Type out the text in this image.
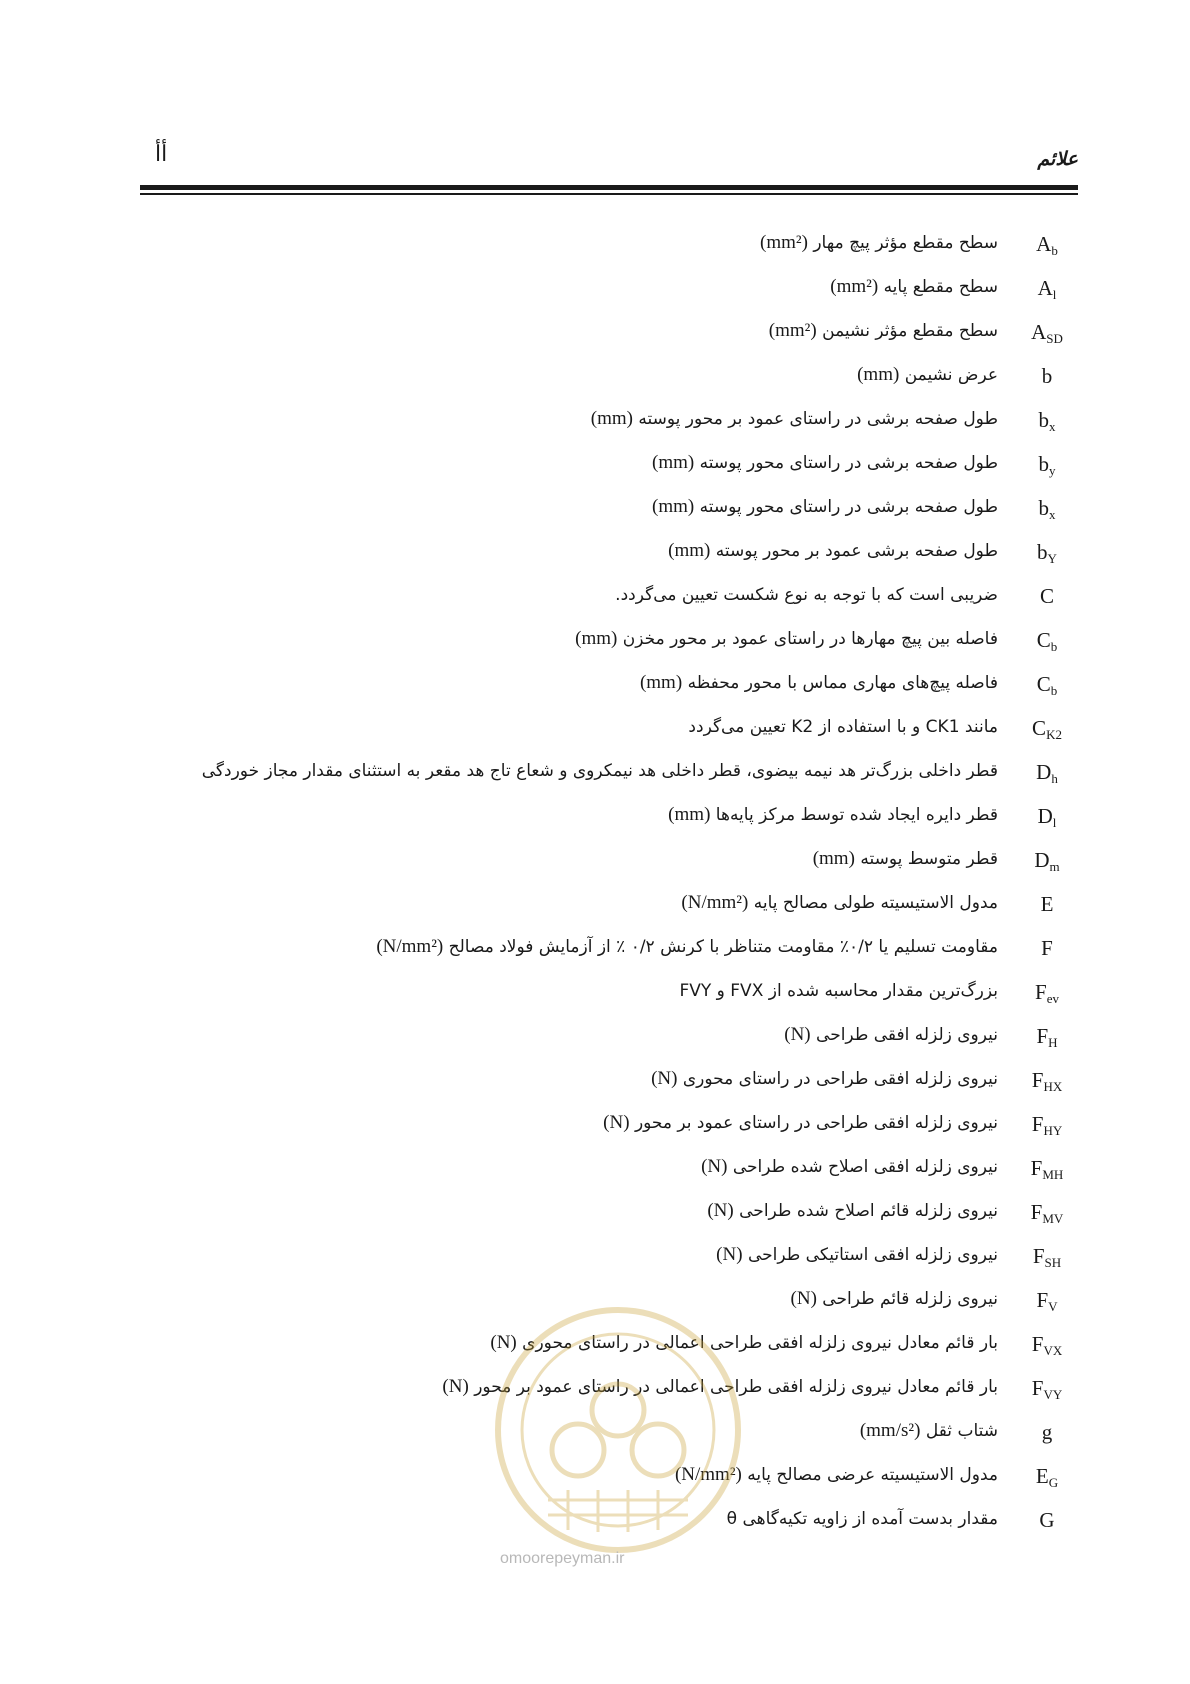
أأ	علائم
$A_b$
سطح مقطع مؤثر پیچ مهار (mm²)
$A_l$
سطح مقطع پایه (mm²)
$A_{SD}$
سطح مقطع مؤثر نشیمن (mm²)
b
عرض نشیمن (mm)
$b_x$
طول صفحه برشی در راستای عمود بر محور پوسته (mm)
$b_y$
طول صفحه برشی در راستای محور پوسته (mm)
$b_x$
طول صفحه برشی در راستای محور پوسته (mm)
$b_Y$
طول صفحه برشی عمود بر محور پوسته (mm)
C
ضریبی است که با توجه به نوع شکست تعیین می‌گردد.
$C_b$
فاصله بین پیچ مهارها در راستای عمود بر محور مخزن (mm)
$C_b$
فاصله پیچ‌های مهاری مماس با محور محفظه (mm)
$C_{K2}$
مانند CK1 و با استفاده از K2 تعیین می‌گردد
$D_h$
قطر داخلی بزرگ‌تر هد نیمه بیضوی، قطر داخلی هد نیمکروی و شعاع تاج هد مقعر به استثنای مقدار مجاز خوردگی
$D_l$
قطر دایره ایجاد شده توسط مرکز پایه‌ها (mm)
$D_m$
قطر متوسط پوسته (mm)
E
مدول الاستیسیته طولی مصالح پایه (N/mm²)
F
مقاومت تسلیم یا ۰/۲٪ مقاومت متناظر با کرنش ۰/۲ ٪ از آزمایش فولاد مصالح (N/mm²)
$F_{ev}$
بزرگ‌ترین مقدار محاسبه شده از FVX و FVY
$F_H$
نیروی زلزله افقی طراحی (N)
$F_{HX}$
نیروی زلزله افقی طراحی در راستای محوری (N)
$F_{HY}$
نیروی زلزله افقی طراحی در راستای عمود بر محور (N)
$F_{MH}$
نیروی زلزله افقی اصلاح شده طراحی (N)
$F_{MV}$
نیروی زلزله قائم اصلاح شده طراحی (N)
$F_{SH}$
نیروی زلزله افقی استاتیکی طراحی (N)
$F_V$
نیروی زلزله قائم طراحی (N)
$F_{VX}$
بار قائم معادل نیروی زلزله افقی طراحی اعمالی در راستای محوری (N)
$F_{VY}$
بار قائم معادل نیروی زلزله افقی طراحی اعمالی در راستای عمود بر محور (N)
g
شتاب ثقل (mm/s²)
$E_G$
مدول الاستیسیته عرضی مصالح پایه (N/mm²)
G
مقدار بدست آمده از زاویه تکیه‌گاهی θ
omoorepeyman.ir
